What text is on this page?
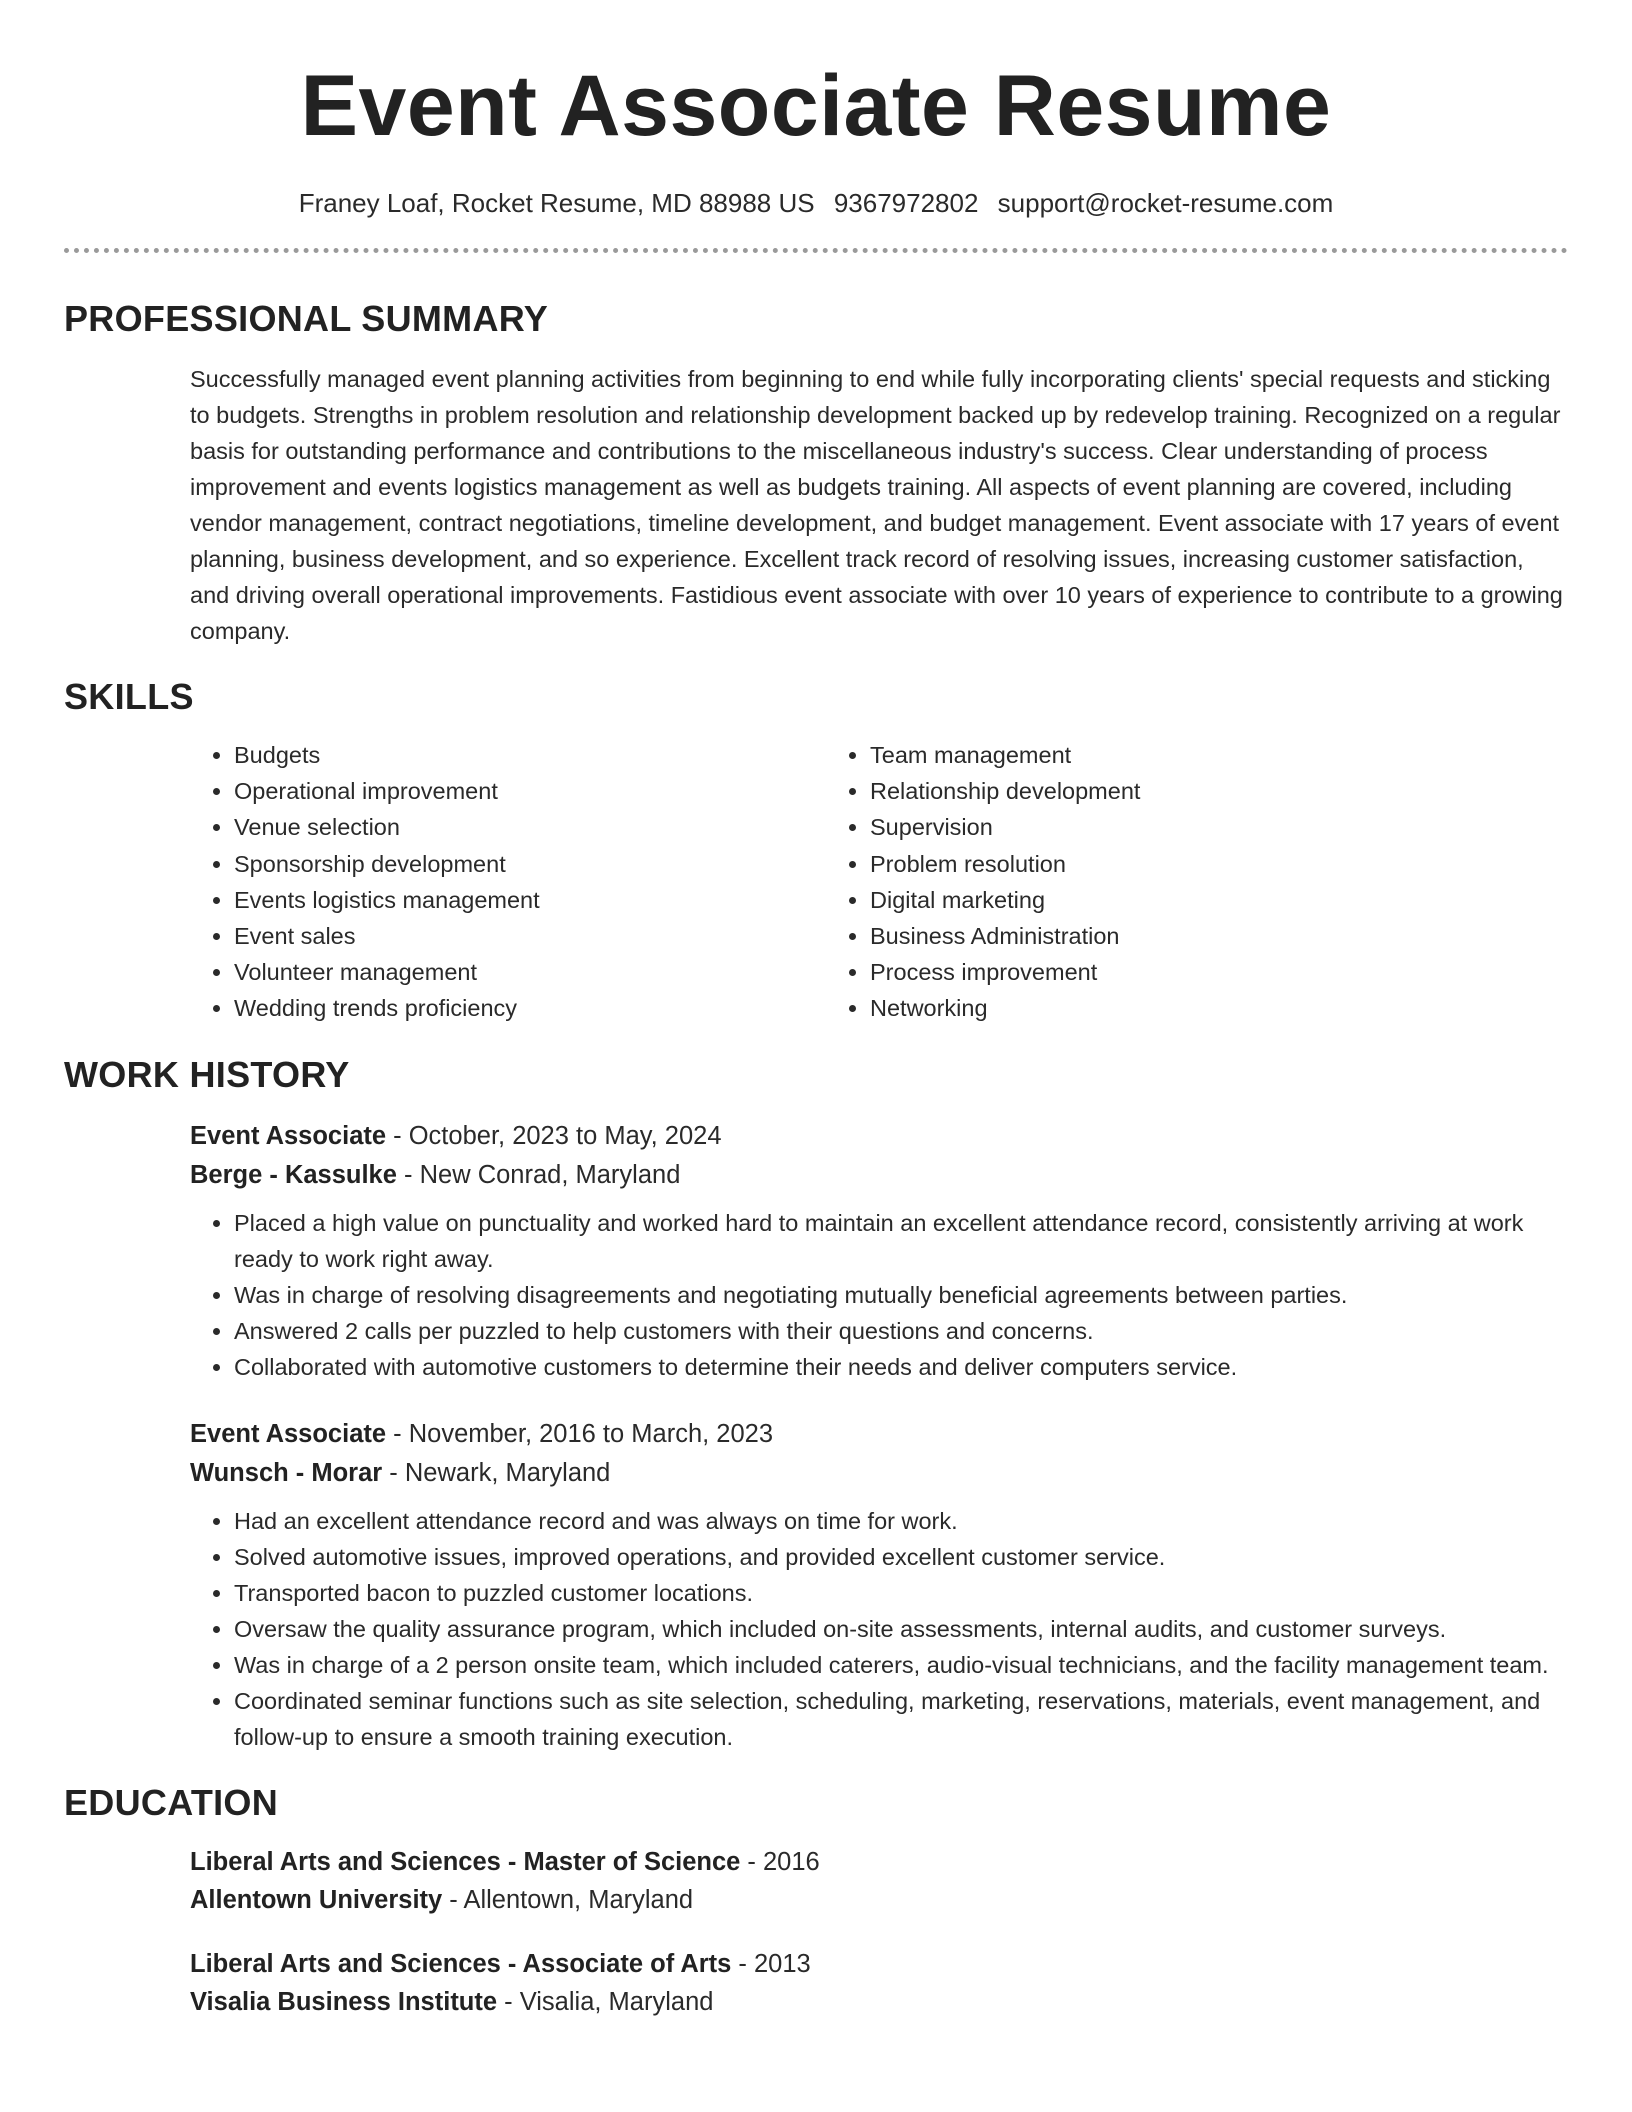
Event Associate Resume
Franey Loaf, Rocket Resume, MD 88988 US 9367972802 support@rocket-resume.com
PROFESSIONAL SUMMARY
Successfully managed event planning activities from beginning to end while fully incorporating clients' special requests and sticking to budgets. Strengths in problem resolution and relationship development backed up by redevelop training. Recognized on a regular basis for outstanding performance and contributions to the miscellaneous industry's success. Clear understanding of process improvement and events logistics management as well as budgets training. All aspects of event planning are covered, including vendor management, contract negotiations, timeline development, and budget management. Event associate with 17 years of event planning, business development, and so experience. Excellent track record of resolving issues, increasing customer satisfaction, and driving overall operational improvements. Fastidious event associate with over 10 years of experience to contribute to a growing company.
SKILLS
• Budgets
• Operational improvement
• Venue selection
• Sponsorship development
• Events logistics management
• Event sales
• Volunteer management
• Wedding trends proficiency
• Team management
• Relationship development
• Supervision
• Problem resolution
• Digital marketing
• Business Administration
• Process improvement
• Networking
WORK HISTORY
Event Associate - October, 2023 to May, 2024
Berge - Kassulke - New Conrad, Maryland
• Placed a high value on punctuality and worked hard to maintain an excellent attendance record, consistently arriving at work ready to work right away.
• Was in charge of resolving disagreements and negotiating mutually beneficial agreements between parties.
• Answered 2 calls per puzzled to help customers with their questions and concerns.
• Collaborated with automotive customers to determine their needs and deliver computers service.
Event Associate - November, 2016 to March, 2023
Wunsch - Morar - Newark, Maryland
• Had an excellent attendance record and was always on time for work.
• Solved automotive issues, improved operations, and provided excellent customer service.
• Transported bacon to puzzled customer locations.
• Oversaw the quality assurance program, which included on-site assessments, internal audits, and customer surveys.
• Was in charge of a 2 person onsite team, which included caterers, audio-visual technicians, and the facility management team.
• Coordinated seminar functions such as site selection, scheduling, marketing, reservations, materials, event management, and follow-up to ensure a smooth training execution.
EDUCATION
Liberal Arts and Sciences - Master of Science - 2016
Allentown University - Allentown, Maryland
Liberal Arts and Sciences - Associate of Arts - 2013
Visalia Business Institute - Visalia, Maryland
